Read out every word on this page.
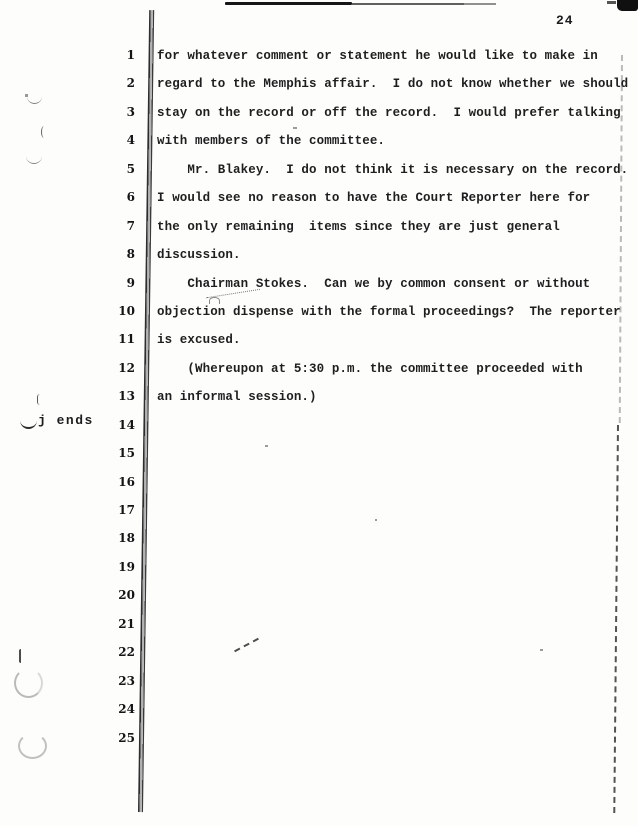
24
1 for whatever comment or statement he would like to make in
2 regard to the Memphis affair.  I do not know whether we should
3 stay on the record or off the record.  I would prefer talking
4 with members of the committee.
5 Mr. Blakey.  I do not think it is necessary on the record.
6 I would see no reason to have the Court Reporter here for
7 the only remaining  items since they are just general
8 discussion.
9 Chairman Stokes.  Can we by common consent or without
10 objection dispense with the formal proceedings?  The reporter
11 is excused.
12 (Whereupon at 5:30 p.m. the committee proceeded with
13 an informal session.)
14
15
16
17
18
19
20
21
22
23
24
25
j ends
